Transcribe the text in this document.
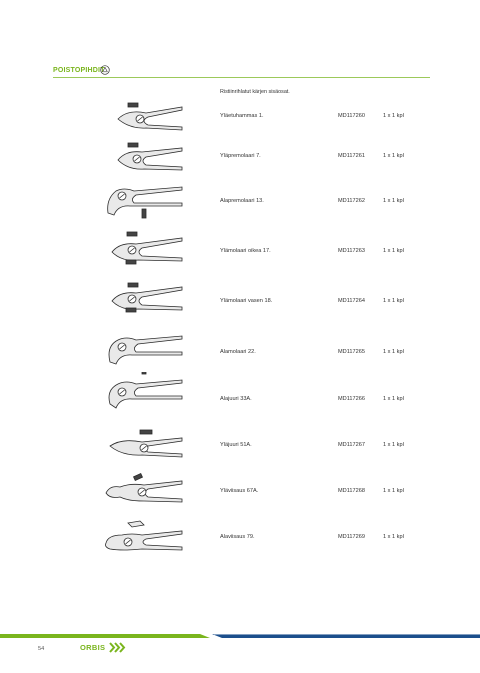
POISTOPIHDIT
Ristiinrihlatut kärjen sisäosat.
Yläetuhammas 1.	MD117260	1 x 1 kpl
Yläpremolaari 7.	MD117261	1 x 1 kpl
Alapremolaari 13.	MD117262	1 x 1 kpl
Ylämolaari oikea 17.	MD117263	1 x 1 kpl
Ylämolaari vasen 18.	MD117264	1 x 1 kpl
Alamolaari 22.	MD117265	1 x 1 kpl
Alajuuri 33A.	MD117266	1 x 1 kpl
Yläjuuri 51A.	MD117267	1 x 1 kpl
Yläviisaus 67A.	MD117268	1 x 1 kpl
Alaviisaus 79.	MD117269	1 x 1 kpl
54	ORBIS
